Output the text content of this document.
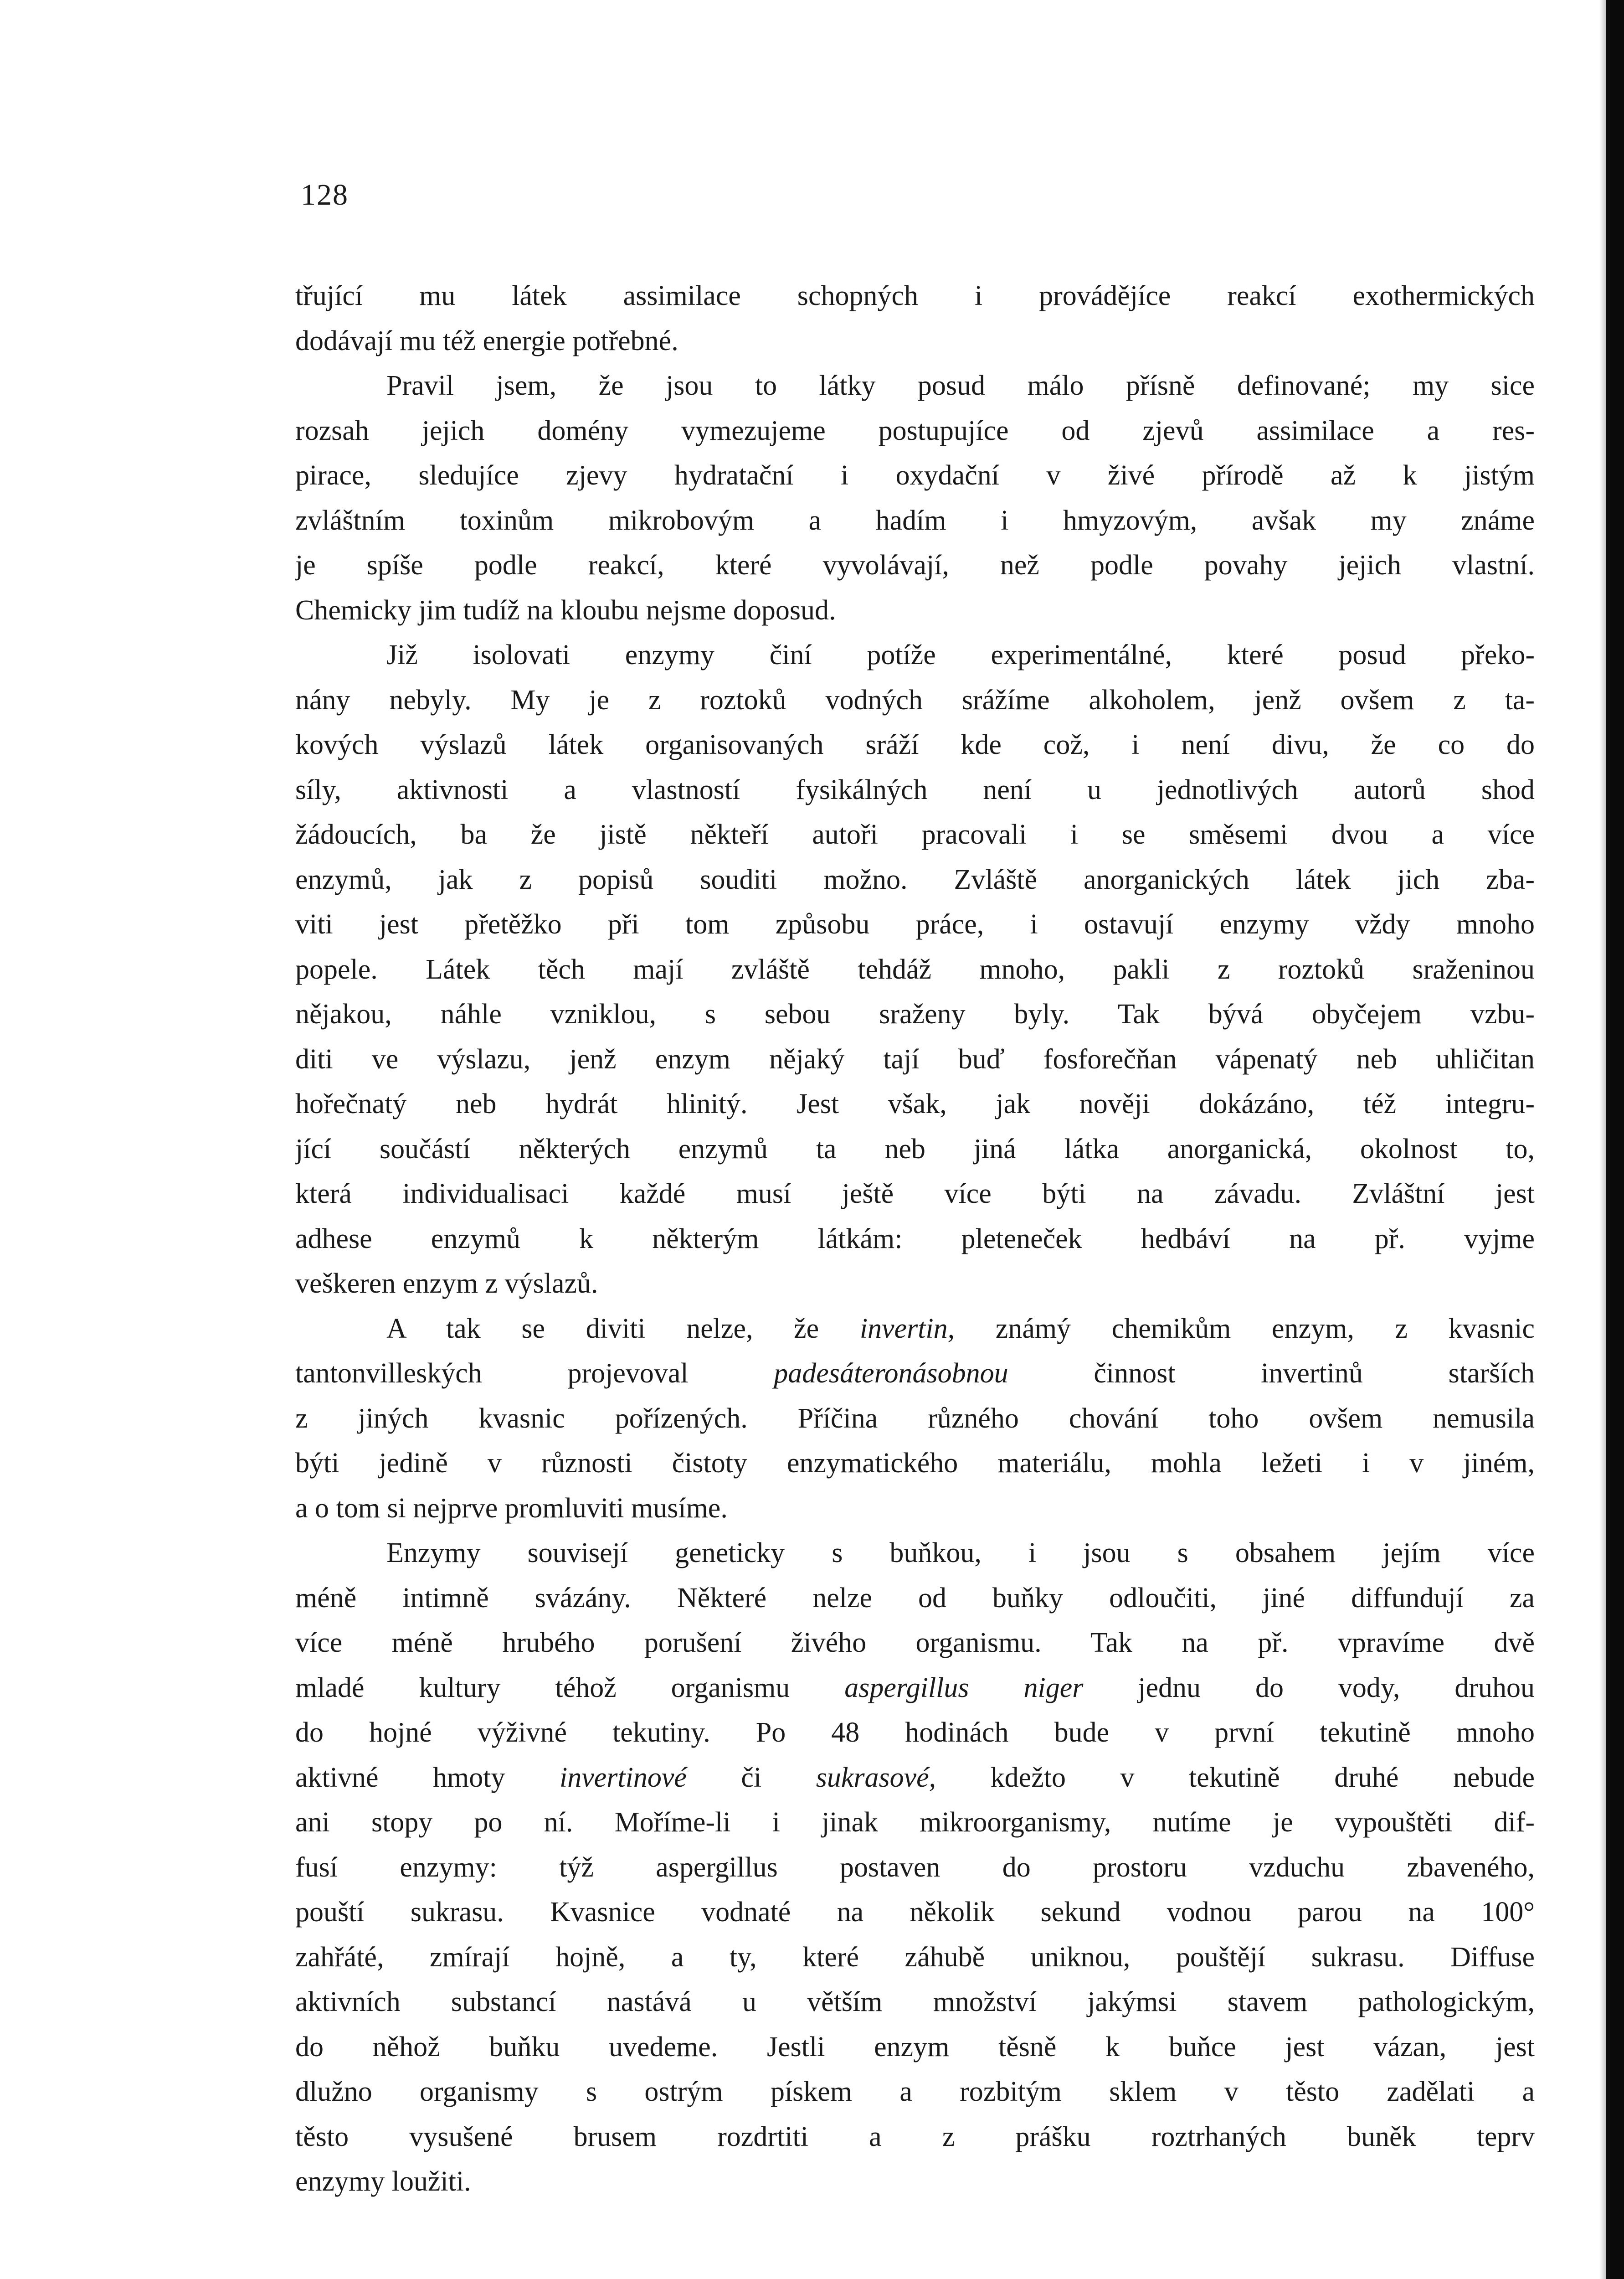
128
třující mu látek assimilace schopných i provádějíce reakcí exothermických
dodávají mu též energie potřebné.
Pravil jsem, že jsou to látky posud málo přísně definované; my sice
rozsah jejich domény vymezujeme postupujíce od zjevů assimilace a res-
pirace, sledujíce zjevy hydratační i oxydační v živé přírodě až k jistým
zvláštním toxinům mikrobovým a hadím i hmyzovým, avšak my známe
je spíše podle reakcí, které vyvolávají, než podle povahy jejich vlastní.
Chemicky jim tudíž na kloubu nejsme doposud.
Již isolovati enzymy činí potíže experimentálné, které posud překo-
nány nebyly. My je z roztoků vodných srážíme alkoholem, jenž ovšem z ta-
kových výslazů látek organisovaných sráží kde což, i není divu, že co do
síly, aktivnosti a vlastností fysikálných není u jednotlivých autorů shod
žádoucích, ba že jistě někteří autoři pracovali i se směsemi dvou a více
enzymů, jak z popisů souditi možno. Zvláště anorganických látek jich zba-
viti jest přetěžko při tom způsobu práce, i ostavují enzymy vždy mnoho
popele. Látek těch mají zvláště tehdáž mnoho, pakli z roztoků sraženinou
nějakou, náhle vzniklou, s sebou sraženy byly. Tak bývá obyčejem vzbu-
diti ve výslazu, jenž enzym nějaký tají buď fosforečňan vápenatý neb uhličitan
hořečnatý neb hydrát hlinitý. Jest však, jak nověji dokázáno, též integru-
jící součástí některých enzymů ta neb jiná látka anorganická, okolnost to,
která individualisaci každé musí ještě více býti na závadu. Zvláštní jest
adhese enzymů k některým látkám: pleteneček hedbáví na př. vyjme
veškeren enzym z výslazů.
A tak se diviti nelze, že invertin, známý chemikům enzym, z kvasnic
tantonvilleských projevoval padesáteronásobnou činnost invertinů starších
z jiných kvasnic pořízených. Příčina různého chování toho ovšem nemusila
býti jedině v různosti čistoty enzymatického materiálu, mohla ležeti i v jiném,
a o tom si nejprve promluviti musíme.
Enzymy souvisejí geneticky s buňkou, i jsou s obsahem jejím více
méně intimně svázány. Některé nelze od buňky odloučiti, jiné diffundují za
více méně hrubého porušení živého organismu. Tak na př. vpravíme dvě
mladé kultury téhož organismu aspergillus niger jednu do vody, druhou
do hojné výživné tekutiny. Po 48 hodinách bude v první tekutině mnoho
aktivné hmoty invertinové či sukrasové, kdežto v tekutině druhé nebude
ani stopy po ní. Moříme-li i jinak mikroorganismy, nutíme je vypouštěti dif-
fusí enzymy: týž aspergillus postaven do prostoru vzduchu zbaveného,
pouští sukrasu. Kvasnice vodnaté na několik sekund vodnou parou na 100°
zahřáté, zmírají hojně, a ty, které záhubě uniknou, pouštějí sukrasu. Diffuse
aktivních substancí nastává u větším množství jakýmsi stavem pathologickým,
do něhož buňku uvedeme. Jestli enzym těsně k buňce jest vázan, jest
dlužno organismy s ostrým pískem a rozbitým sklem v těsto zadělati a
těsto vysušené brusem rozdrtiti a z prášku roztrhaných buněk teprv
enzymy loužiti.
